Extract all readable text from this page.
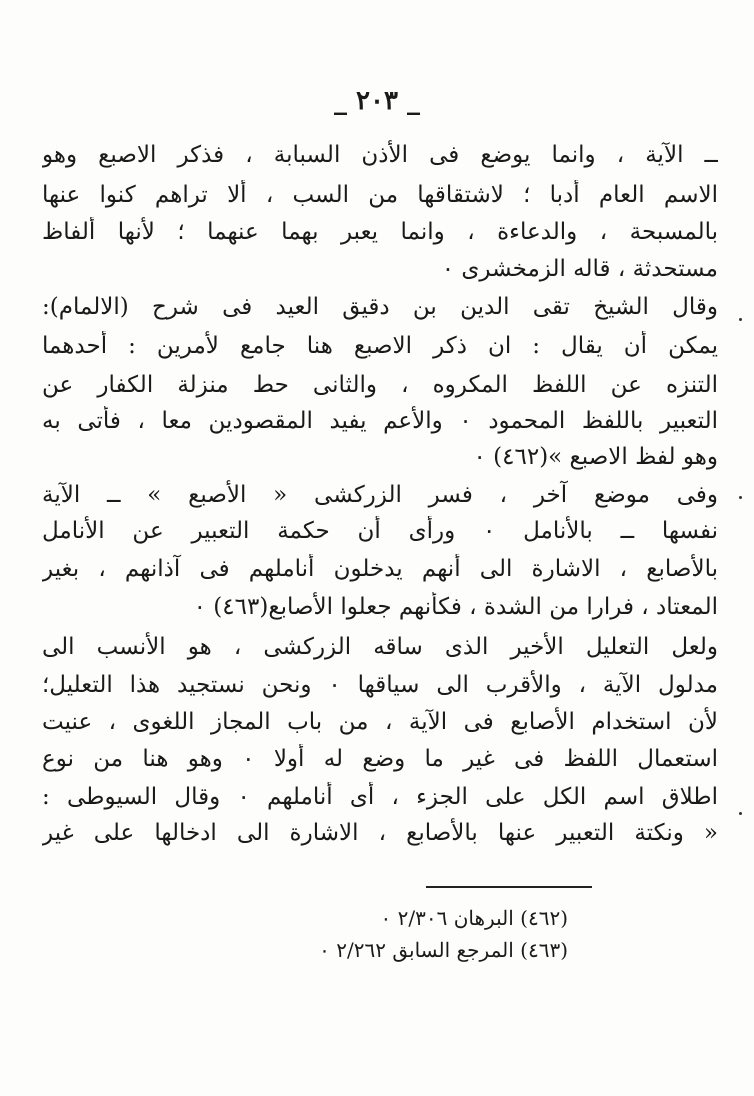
_ ٢٠٣ _
ــ الآية ، وانما يوضع فى الأذن السبابة ، فذكر الاصبع وهو
الاسم العام أدبا ؛ لاشتقاقها من السب ، ألا تراهم كنوا عنها
بالمسبحة ، والدعاءة ، وانما يعبر بهما عنهما ؛ لأنها ألفاظ
مستحدثة ، قاله الزمخشرى ٠
وقال الشيخ تقى الدين بن دقيق العيد فى شرح (الالمام):
يمكن أن يقال : ان ذكر الاصبع هنا جامع لأمرين : أحدهما
التنزه عن اللفظ المكروه ، والثانى حط منزلة الكفار عن
التعبير باللفظ المحمود ٠ والأعم يفيد المقصودين معا ، فأتى به
وهو لفظ الاصبع »(٤٦٢) ٠
وفى موضع آخر ، فسر الزركشى « الأصبع » ــ الآية
نفسها ــ بالأنامل ٠ ورأى أن حكمة التعبير عن الأنامل
بالأصابع ، الاشارة الى أنهم يدخلون أناملهم فى آذانهم ، بغير
المعتاد ، فرارا من الشدة ، فكأنهم جعلوا الأصابع(٤٦٣) ٠
ولعل التعليل الأخير الذى ساقه الزركشى ، هو الأنسب الى
مدلول الآية ، والأقرب الى سياقها ٠ ونحن نستجيد هذا التعليل؛
لأن استخدام الأصابع فى الآية ، من باب المجاز اللغوى ، عنيت
استعمال اللفظ فى غير ما وضع له أولا ٠ وهو هنا من نوع
اطلاق اسم الكل على الجزء ، أى أناملهم ٠ وقال السيوطى :
« ونكتة التعبير عنها بالأصابع ، الاشارة الى ادخالها على غير
(٤٦٢) البرهان ٢/٣٠٦ ٠
(٤٦٣) المرجع السابق ٢/٢٦٢ ٠
